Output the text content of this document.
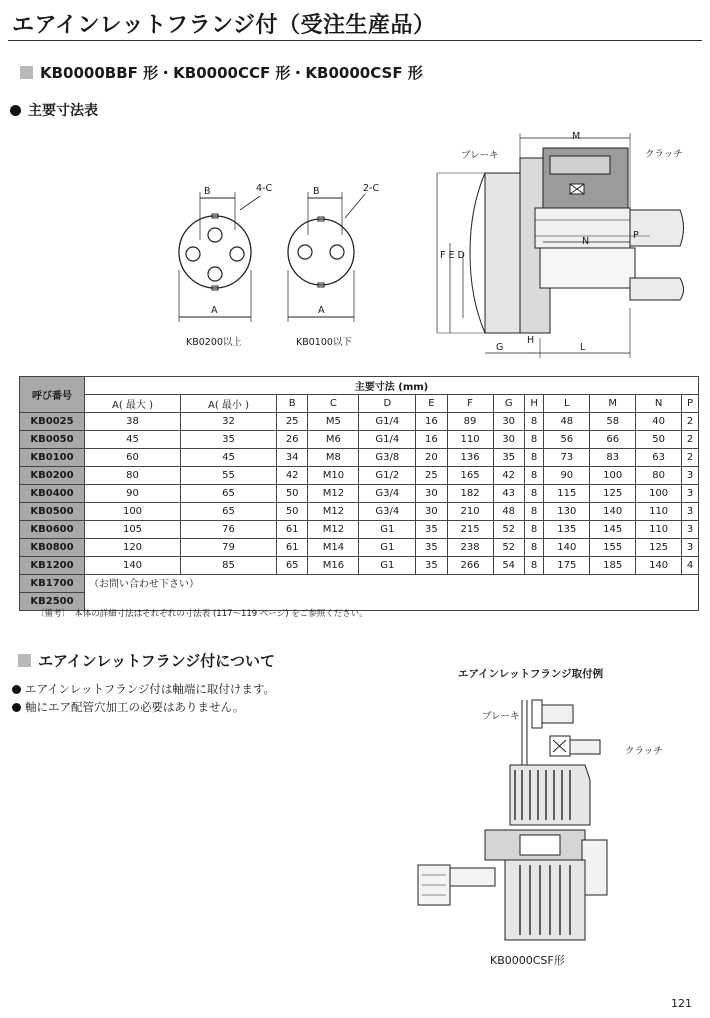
エアインレットフランジ付（受注生産品）
KB0000BBF 形・KB0000CCF 形・KB0000CSF 形
主要寸法表
B	4-C
A
KB0200以上
B	2-C
A
KB0100以下
ブレーキ	クラッチ
M
N
P
F E D
G
H
L
呼び番号	主要寸法 (mm)												
	A( 最大 )	A( 最小 )	B	C	D	E	F	G	H	L	M	N	P
KB0025	38	32	25	M5	G1/4	16	89	30	8	48	58	40	2
KB0050	45	35	26	M6	G1/4	16	110	30	8	56	66	50	2
KB0100	60	45	34	M8	G3/8	20	136	35	8	73	83	63	2
KB0200	80	55	42	M10	G1/2	25	165	42	8	90	100	80	3
KB0400	90	65	50	M12	G3/4	30	182	43	8	115	125	100	3
KB0500	100	65	50	M12	G3/4	30	210	48	8	130	140	110	3
KB0600	105	76	61	M12	G1	35	215	52	8	135	145	110	3
KB0800	120	79	61	M14	G1	35	238	52	8	140	155	125	3
KB1200	140	85	65	M16	G1	35	266	54	8	175	185	140	4
KB1700	（お問い合わせ下さい）												
KB2500													
〔備考〕　本体の詳細寸法はそれぞれの寸法表 (117～119 ページ) をご参照ください。
エアインレットフランジ付について
エアインレットフランジ付は軸端に取付けます。
軸にエア配管穴加工の必要はありません。
エアインレットフランジ取付例
ブレーキ
クラッチ
KB0000CSF形
121
